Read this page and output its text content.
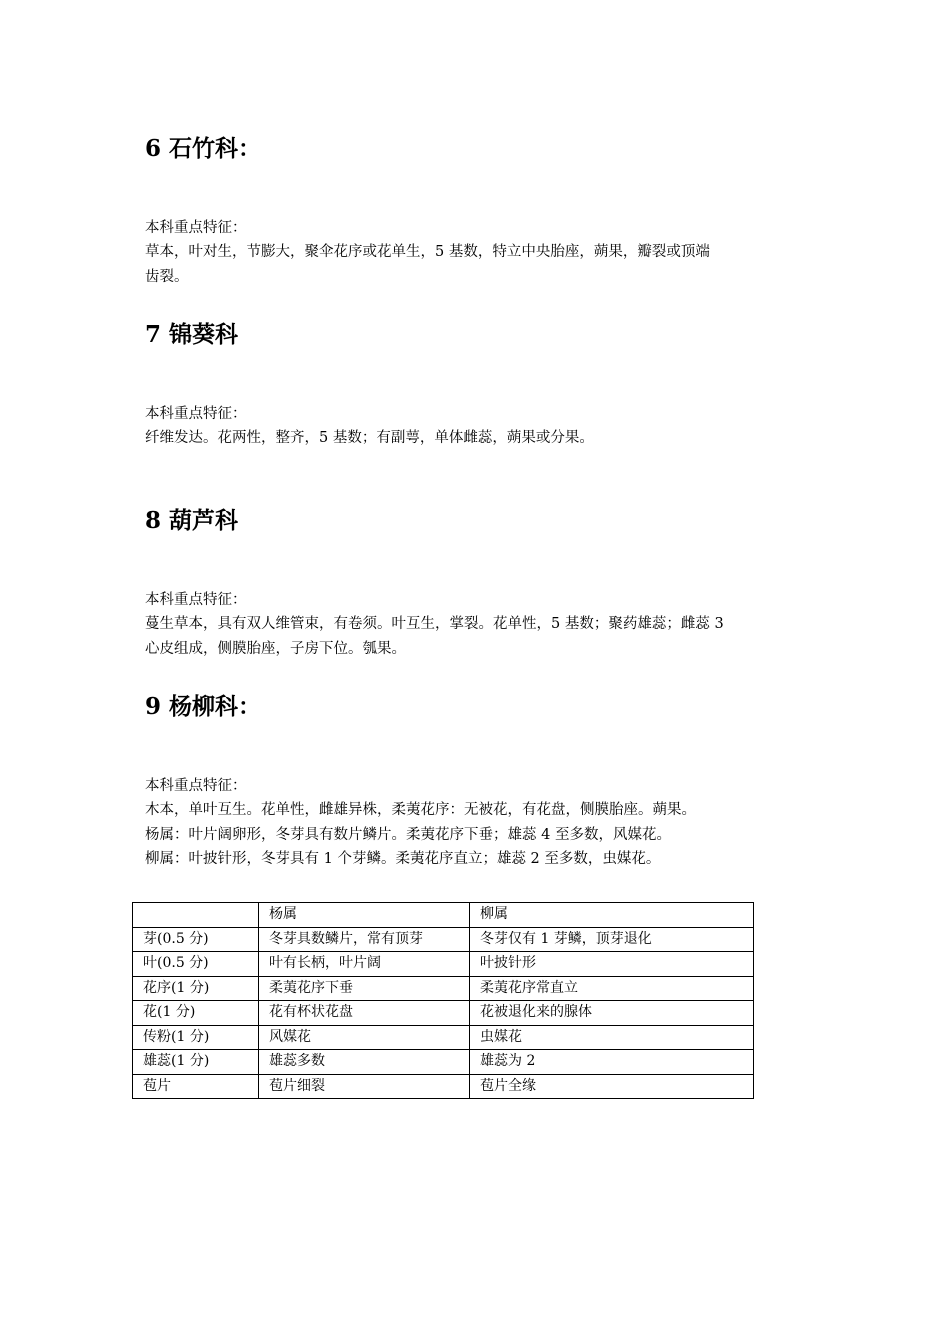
6 石竹科：

本科重点特征：

草本，叶对生，节膨大，聚伞花序或花单生，5 基数，特立中央胎座，蒴果，瓣裂或顶端
齿裂。

7 锦葵科

本科重点特征：

纤维发达。花两性，整齐，5 基数；有副萼，单体雌蕊，蒴果或分果。

8 葫芦科

本科重点特征：

蔓生草本，具有双人维管束，有卷须。叶互生，掌裂。花单性，5 基数；聚药雄蕊；雌蕊 3
心皮组成，侧膜胎座，子房下位。瓠果。

9 杨柳科：

本科重点特征：

木本，单叶互生。花单性，雌雄异株，柔荑花序：无被花，有花盘，侧膜胎座。蒴果。
杨属：叶片阔卵形，冬芽具有数片鳞片。柔荑花序下垂；雄蕊 4 至多数，风媒花。
柳属：叶披针形，冬芽具有 1 个芽鳞。柔荑花序直立；雄蕊 2 至多数，虫媒花。

	杨属	柳属
芽(0.5 分)	冬芽具数鳞片，常有顶芽	冬芽仅有 1 芽鳞，顶芽退化
叶(0.5 分)	叶有长柄，叶片阔	叶披针形
花序(1 分)	柔荑花序下垂	柔荑花序常直立
花(1 分)	花有杯状花盘	花被退化来的腺体
传粉(1 分)	风媒花	虫媒花
雄蕊(1 分)	雄蕊多数	雄蕊为 2
苞片	苞片细裂	苞片全缘
